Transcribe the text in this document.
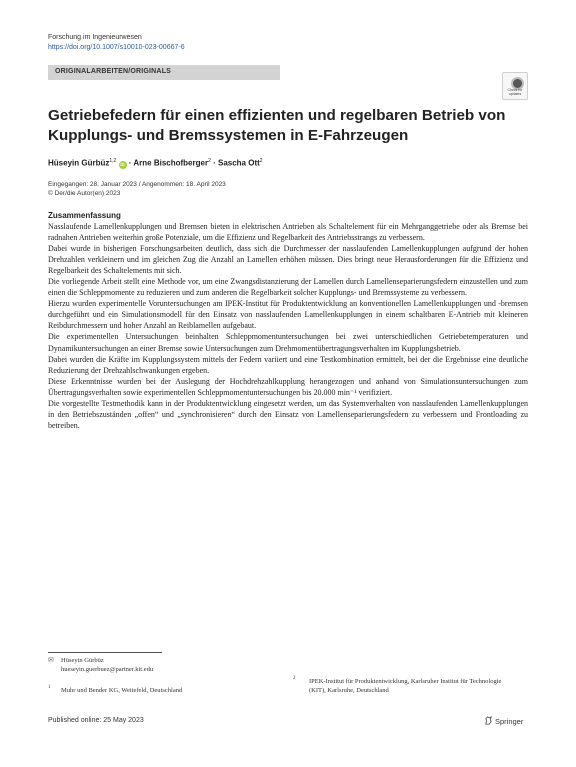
Forschung im Ingenieurwesen
https://doi.org/10.1007/s10010-023-00667-6
ORIGINALARBEITEN/ORIGINALS
Check for updates
Getriebefedern für einen effizienten und regelbaren Betrieb von Kupplungs- und Bremssystemen in E-Fahrzeugen
Hüseyin Gürbüz$^{1,2}$ iD · Arne Bischofberger$^2$ · Sascha Ott$^2$
Eingegangen: 28. Januar 2023 / Angenommen: 18. April 2023
© Der/die Autor(en) 2023
Zusammenfassung

Nasslaufende Lamellenkupplungen und Bremsen bieten in elektrischen Antrieben als Schaltelement für ein Mehrganggetriebe oder als Bremse bei radnahen Antrieben weiterhin große Potenziale, um die Effizienz und Regelbarkeit des Antriebsstrangs zu verbessern.

Dabei wurde in bisherigen Forschungsarbeiten deutlich, dass sich die Durchmesser der nasslaufenden Lamellenkupplungen aufgrund der hohen Drehzahlen verkleinern und im gleichen Zug die Anzahl an Lamellen erhöhen müssen. Dies bringt neue Herausforderungen für die Effizienz und Regelbarkeit des Schaltelements mit sich.

Die vorliegende Arbeit stellt eine Methode vor, um eine Zwangsdistanzierung der Lamellen durch Lamellenseparierungsfedern einzustellen und zum einen die Schleppmomente zu reduzieren und zum anderen die Regelbarkeit solcher Kupplungs- und Bremssysteme zu verbessern.

Hierzu wurden experimentelle Voruntersuchungen am IPEK-Institut für Produktentwicklung an konventionellen Lamellenkupplungen und -bremsen durchgeführt und ein Simulationsmodell für den Einsatz von nasslaufenden Lamellenkupplungen in einem schaltbaren E-Antrieb mit kleineren Reibdurchmessern und hoher Anzahl an Reiblamellen aufgebaut.

Die experimentellen Untersuchungen beinhalten Schleppmomentuntersuchungen bei zwei unterschiedlichen Getriebetemperaturen und Dynamikuntersuchungen an einer Bremse sowie Untersuchungen zum Drehmomentübertragungsverhalten im Kupplungsbetrieb.

Dabei wurden die Kräfte im Kupplungssystem mittels der Federn variiert und eine Testkombination ermittelt, bei der die Ergebnisse eine deutliche Reduzierung der Drehzahlschwankungen ergeben.

Diese Erkenntnisse wurden bei der Auslegung der Hochdrehzahlkupplung herangezogen und anhand von Simulationsuntersuchungen zum Übertragungsverhalten sowie experimentellen Schleppmomentuntersuchungen bis 20.000 min⁻¹ verifiziert.

Die vorgestellte Testmethodik kann in der Produktentwicklung eingesetzt werden, um das Systemverhalten von nasslaufenden Lamellenkupplungen in den Betriebszuständen „offen“ und „synchronisieren“ durch den Einsatz von Lamellenseparierungsfedern zu verbessern und Frontloading zu betreiben.

✉ Hüseyin Gürbüz
hueseyin.guerbuez@partner.kit.edu
1 Muhr und Bender KG, Weitefeld, Deutschland
2 IPEK-Institut für Produktentwicklung, Karlsruher Institut für Technologie (KIT), Karlsruhe, Deutschland
Published online: 25 May 2023	Springer
